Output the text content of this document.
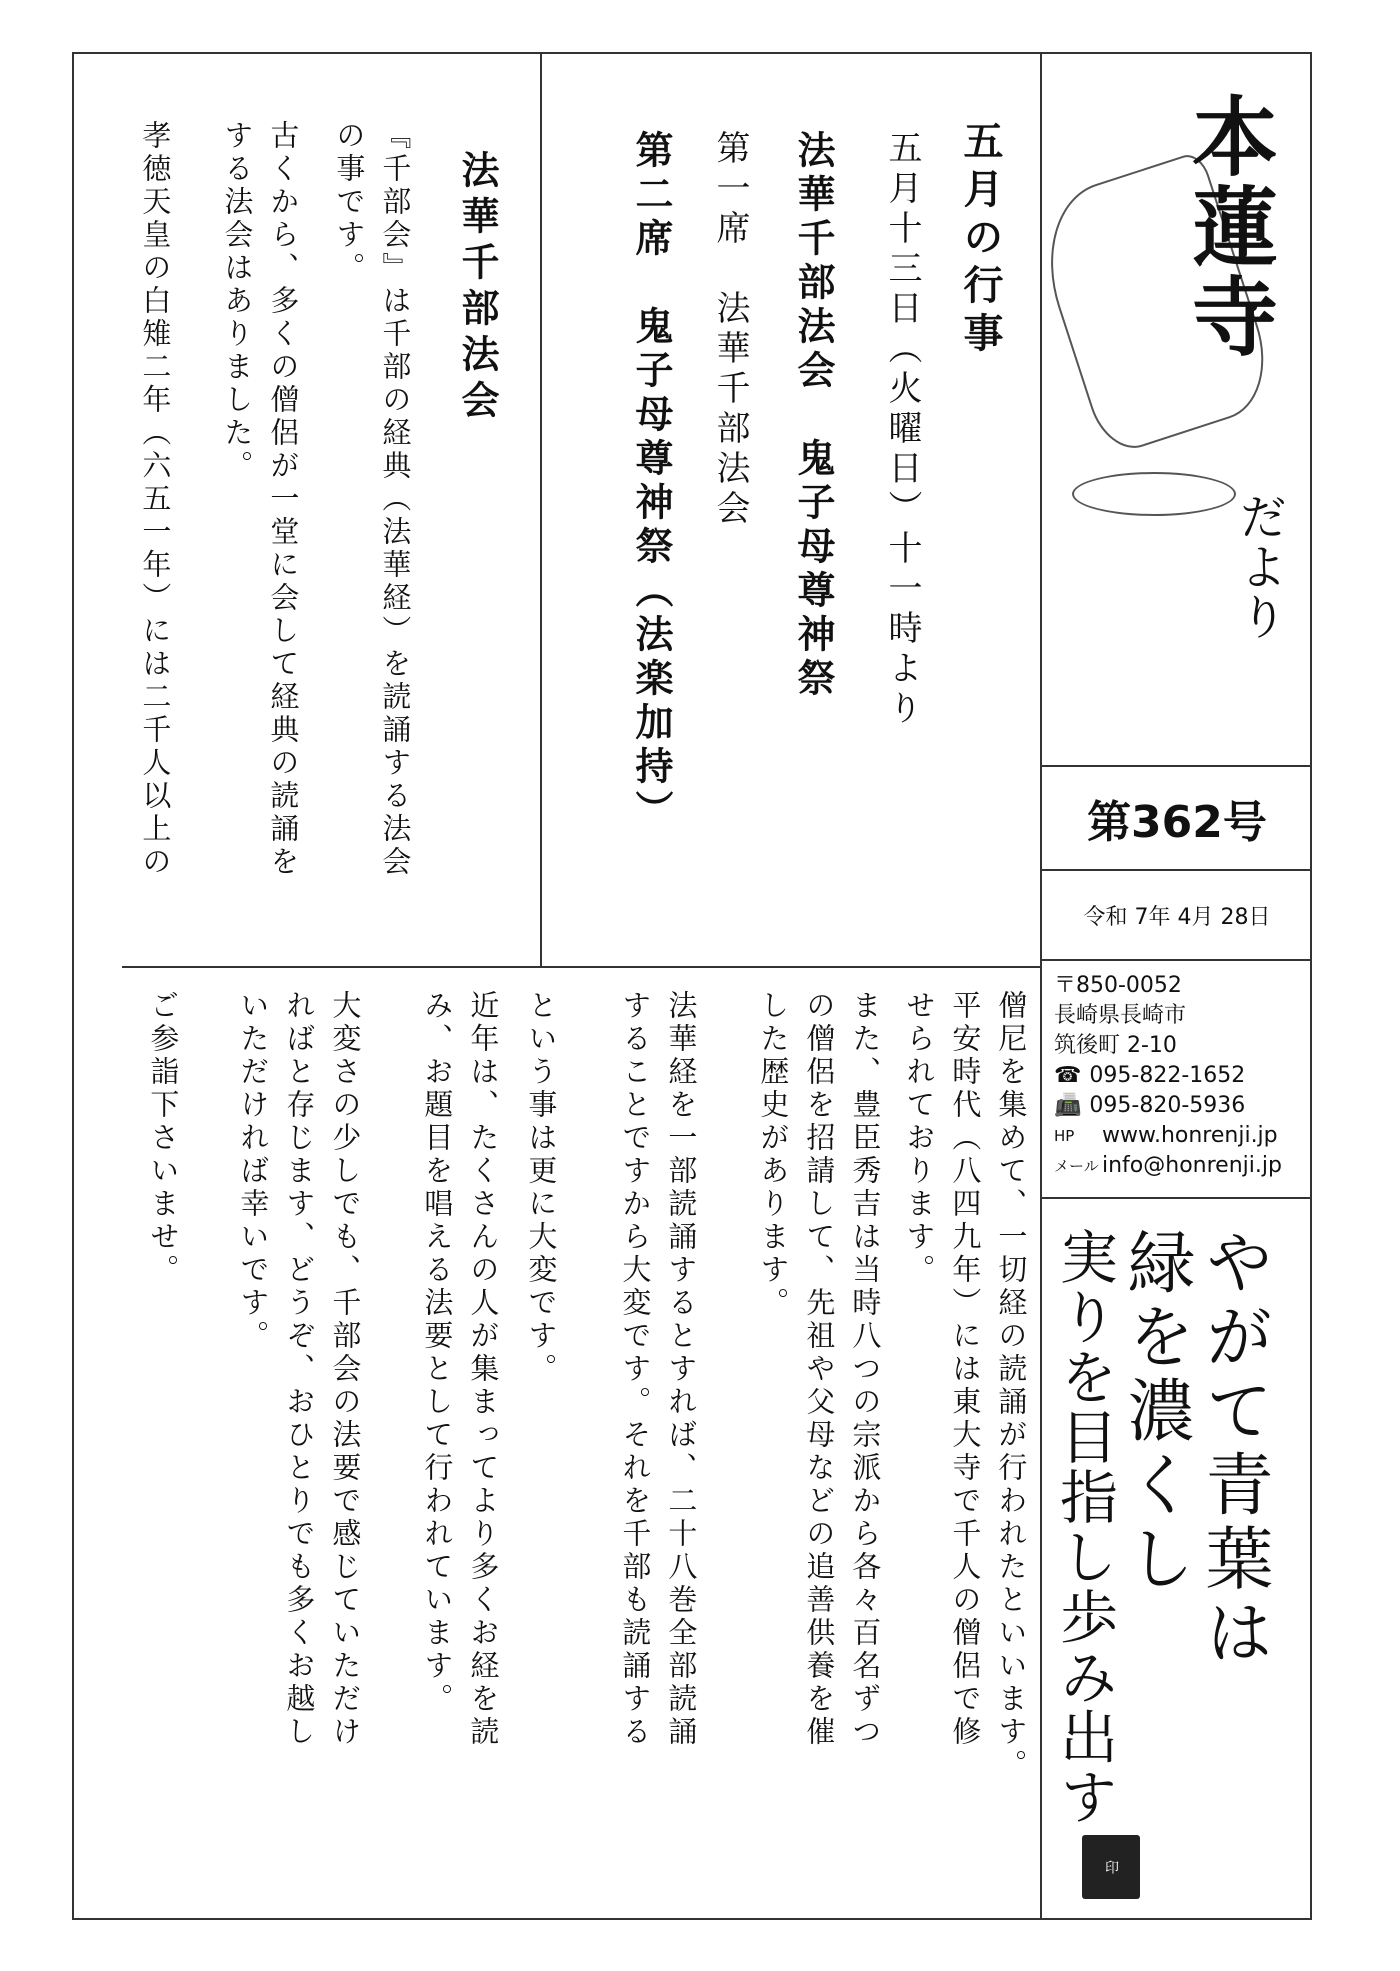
本蓮寺
だより
第362号
令和 7年 4月 28日
〒850-0052
長崎県長崎市
筑後町 2-10
☎ 095-822-1652
📠 095-820-5936
HP	www.honrenji.jp
メール info@honrenji.jp
やがて青葉は
緑を濃くし
実りを目指し歩み出す
印
五月の行事
五月十三日（火曜日）十一時より
法華千部法会　鬼子母尊神祭
第一席　法華千部法会
第二席　鬼子母尊神祭（法楽加持）
法華千部法会
『千部会』は千部の経典（法華経）を読誦する法会
の事です。
古くから、多くの僧侶が一堂に会して経典の読誦を
する法会はありました。
孝徳天皇の白雉二年（六五一年）には二千人以上の
僧尼を集めて、一切経の読誦が行われたといいます。
平安時代（八四九年）には東大寺で千人の僧侶で修
せられております。
また、豊臣秀吉は当時八つの宗派から各々百名ずつ
の僧侶を招請して、先祖や父母などの追善供養を催
した歴史があります。
法華経を一部読誦するとすれば、二十八巻全部読誦
することですから大変です。それを千部も読誦する
という事は更に大変です。
近年は、たくさんの人が集まってより多くお経を読
み、お題目を唱える法要として行われています。
大変さの少しでも、千部会の法要で感じていただけ
ればと存じます、どうぞ、おひとりでも多くお越し
いただければ幸いです。
ご参詣下さいませ。
